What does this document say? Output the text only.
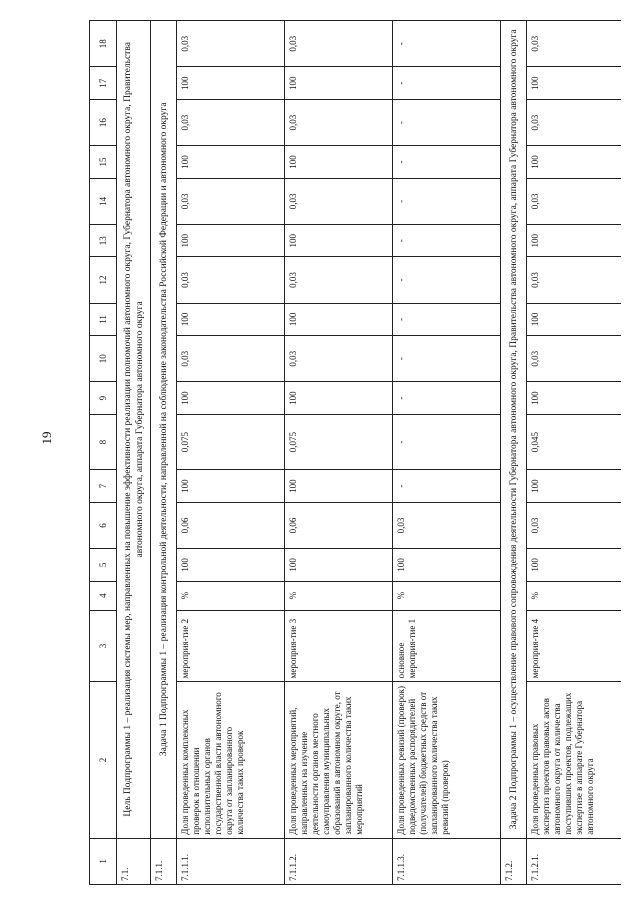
19
1	2	3	4	5	6	7	8	9	10	11	12	13	14	15	16	17	18
7.1.	Цель Подпрограммы 1 – реализация системы мер, направленных на повышение эффективности реализации полномочий автономного округа, Губернатора автономного округа, Правительства автономного округа, аппарата Губернатора автономного округа																
7.1.1.	Задача 1 Подпрограммы 1 – реализация контрольной деятельности, направленной на соблюдение законодательства Российской Федерации и автономного округа																
7.1.1.1.	Доля проведенных комплексных проверок в отношении исполнительных органов государственной власти автономного округа от запланированного количества таких проверок	мероприя-тие 2	%	100	0,06	100	0,075	100	0,03	100	0,03	100	0,03	100	0,03	100	0,03
7.1.1.2.	Доля проведенных мероприятий, направленных на изучение деятельности органов местного самоуправления муниципальных образований в автономном округе, от запланированного количества таких мероприятий	мероприя-тие 3	%	100	0,06	100	0,075	100	0,03	100	0,03	100	0,03	100	0,03	100	0,03
7.1.1.3.	Доля проведенных ревизий (проверок) подведомственных распорядителей (получателей) бюджетных средств от запланированного количества таких ревизий (проверок)	основное мероприя-тие 1	%	100	0,03	-	-	-	-	-	-	-	-	-	-	-	-
7.1.2.	Задача 2 Подпрограммы 1 – осуществление правового сопровождения деятельности Губернатора автономного округа, Правительства автономного округа, аппарата Губернатора автономного округа																
7.1.2.1.	Доля проведенных правовых экспертиз проектов правовых актов автономного округа от количества поступивших проектов, подлежащих экспертизе в аппарате Губернатора автономного округа	мероприя-тие 4	%	100	0,03	100	0,045	100	0,03	100	0,03	100	0,03	100	0,03	100	0,03
